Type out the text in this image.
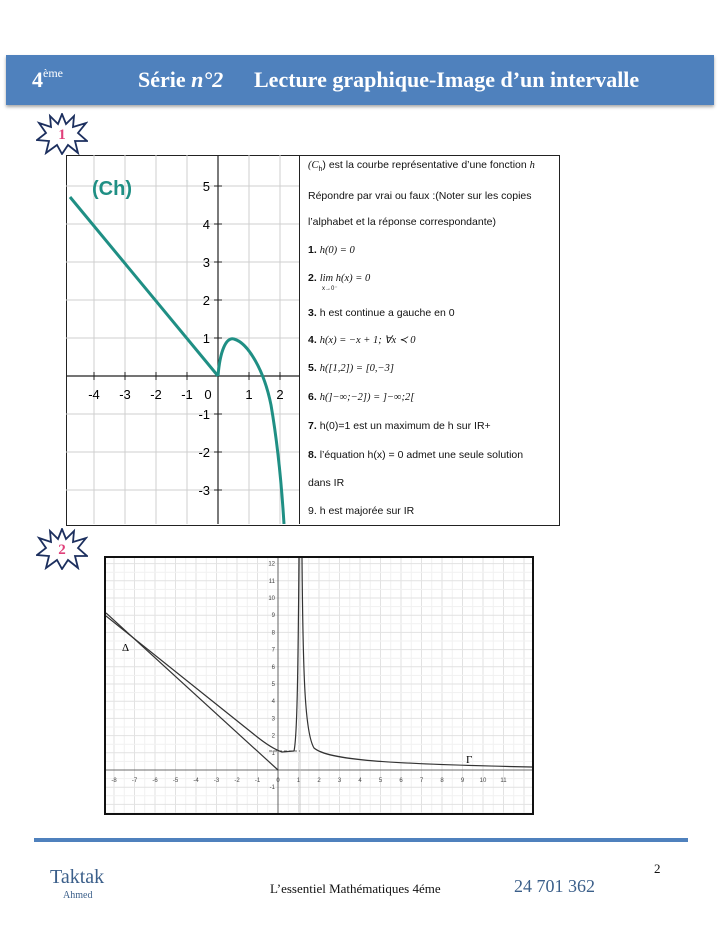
4ème	Série n°2 Lecture graphique-Image d’un intervalle
1
-4 -3 -2 -1 0	1 2
5
4
3
2
1
-1
-2
-3
(Ch)
$(C_h)$ est la courbe représentative d’une fonction h
Répondre par vrai ou faux :(Noter sur les copies
l’alphabet et la réponse correspondante)
1. h(0) = 0
2. lim h(x) = 0
x→0⁻
3. h est continue a gauche en 0
4. h(x) = −x + 1; ∀x ≺ 0
5. h([1,2]) = [0,−3]
6. h(]−∞;−2]) = ]−∞;2[
7. h(0)=1 est un maximum de h sur IR+
8. l’équation h(x) = 0 admet une seule solution
dans IR
9. h est majorée sur IR
2
-8	-7	-6	-5	-4	-3	-2	-1	0	1	2	3	4	5	6	7	8	9	10 11
12
11
10
9
8
7
6
5
4
3
2
1
-1
Δ
Γ
Taktak
Ahmed	L’essentiel Mathématiques 4éme	24 701 362
2
